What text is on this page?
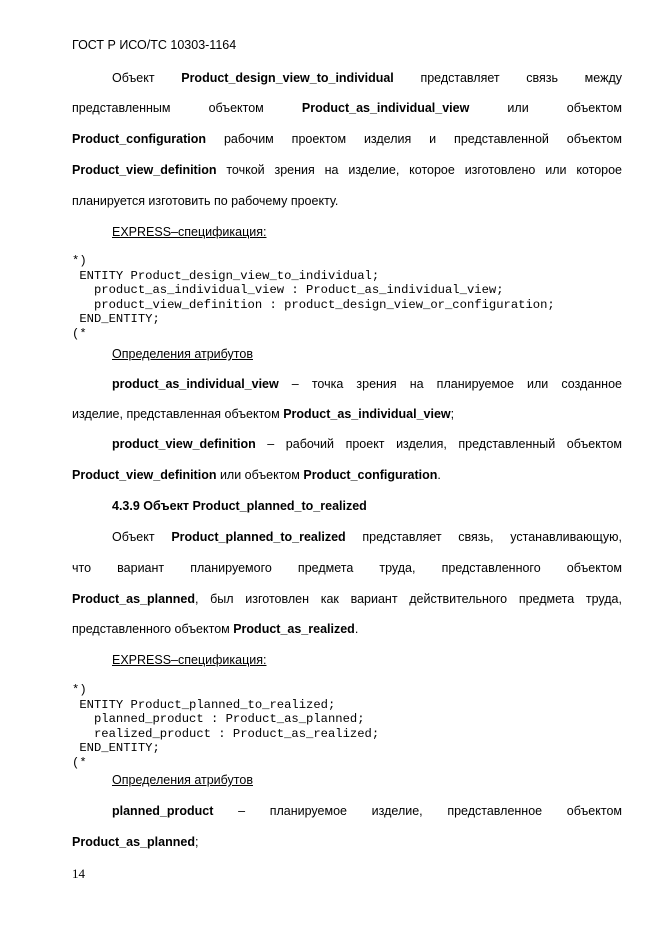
ГОСТ Р ИСО/ТС 10303-1164
Объект Product_design_view_to_individual представляет связь между
представленным объектом Product_as_individual_view или объектом
Product_configuration рабочим проектом изделия и представленной объектом
Product_view_definition точкой зрения на изделие, которое изготовлено или которое
планируется изготовить по рабочему проекту.
EXPRESS–спецификация:
*)
ENTITY Product_design_view_to_individual;
product_as_individual_view : Product_as_individual_view;
product_view_definition : product_design_view_or_configuration;
END_ENTITY;
(*
Определения атрибутов
product_as_individual_view – точка зрения на планируемое или созданное
изделие, представленная объектом Product_as_individual_view;
product_view_definition – рабочий проект изделия, представленный объектом
Product_view_definition или объектом Product_configuration.
4.3.9 Объект Product_planned_to_realized
Объект Product_planned_to_realized представляет связь, устанавливающую,
что вариант планируемого предмета труда, представленного объектом
Product_as_planned, был изготовлен как вариант действительного предмета труда,
представленного объектом Product_as_realized.
EXPRESS–спецификация:
*)
ENTITY Product_planned_to_realized;
planned_product : Product_as_planned;
realized_product : Product_as_realized;
END_ENTITY;
(*
Определения атрибутов
planned_product – планируемое изделие, представленное объектом
Product_as_planned;
14
